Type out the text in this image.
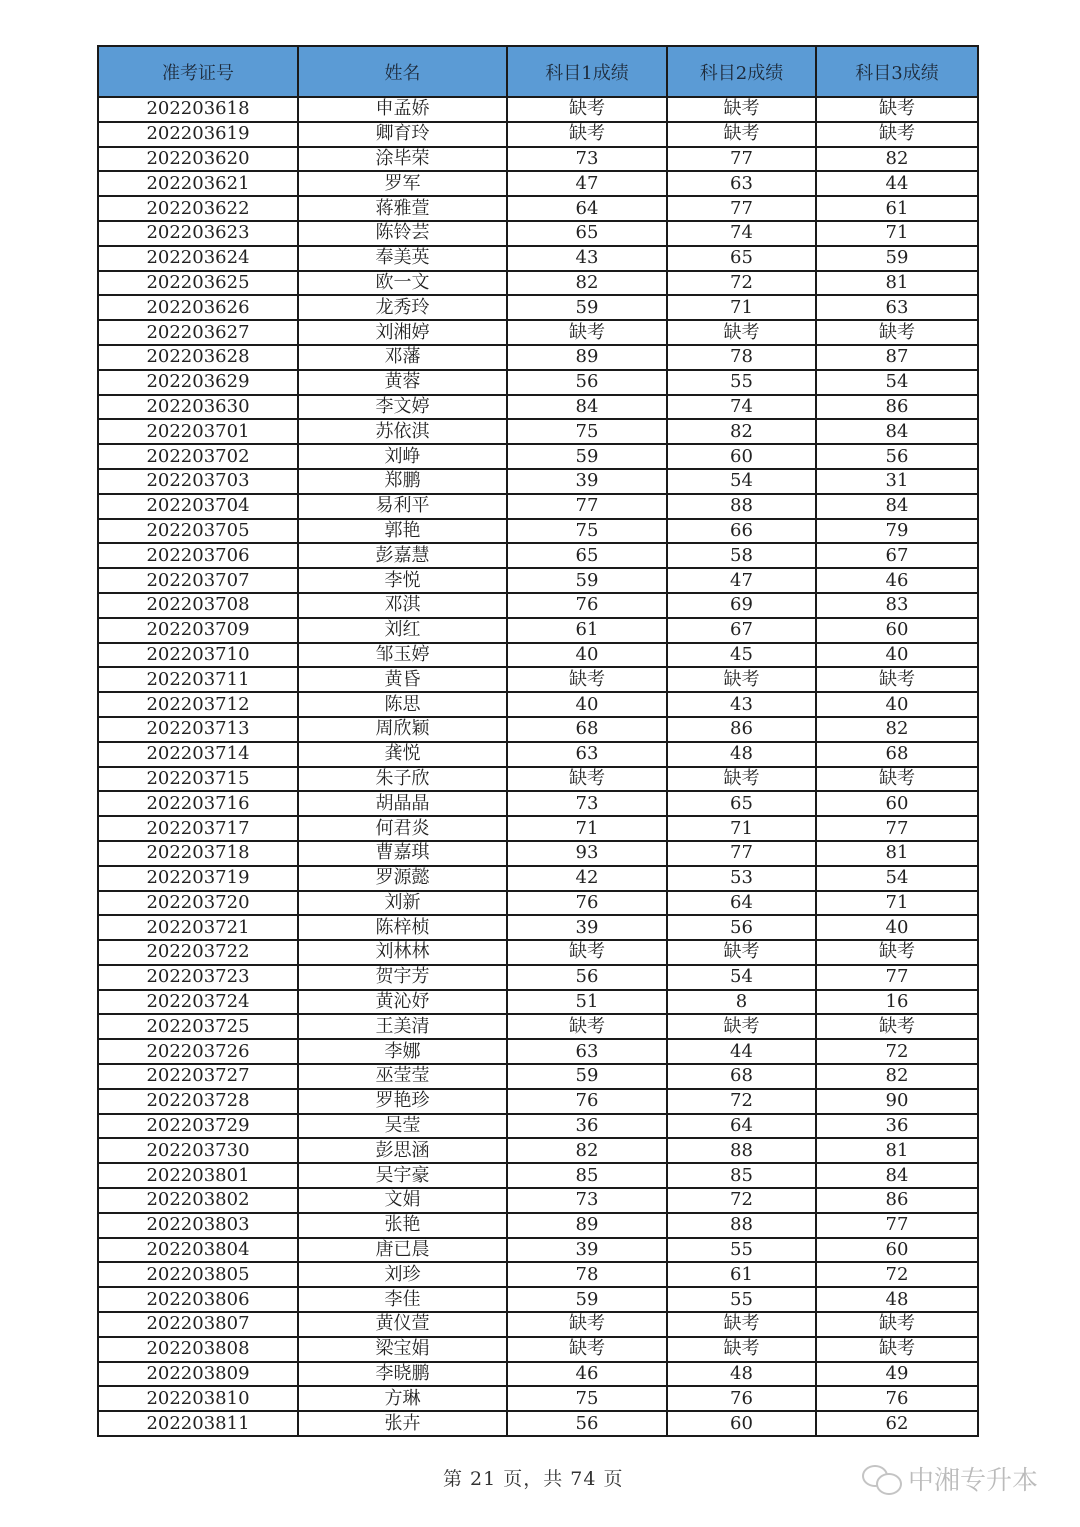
准考证号	姓名	科目1成绩	科目2成绩	科目3成绩
202203618	申孟娇	缺考	缺考	缺考
202203619	卿育玲	缺考	缺考	缺考
202203620	涂毕荣	73	77	82
202203621	罗军	47	63	44
202203622	蒋雅萱	64	77	61
202203623	陈铃芸	65	74	71
202203624	奉美英	43	65	59
202203625	欧一文	82	72	81
202203626	龙秀玲	59	71	63
202203627	刘湘婷	缺考	缺考	缺考
202203628	邓藩	89	78	87
202203629	黄蓉	56	55	54
202203630	李文婷	84	74	86
202203701	苏依淇	75	82	84
202203702	刘峥	59	60	56
202203703	郑鹏	39	54	31
202203704	易利平	77	88	84
202203705	郭艳	75	66	79
202203706	彭嘉慧	65	58	67
202203707	李悦	59	47	46
202203708	邓淇	76	69	83
202203709	刘红	61	67	60
202203710	邹玉婷	40	45	40
202203711	黄昏	缺考	缺考	缺考
202203712	陈思	40	43	40
202203713	周欣颖	68	86	82
202203714	龚悦	63	48	68
202203715	朱子欣	缺考	缺考	缺考
202203716	胡晶晶	73	65	60
202203717	何君炎	71	71	77
202203718	曹嘉琪	93	77	81
202203719	罗源懿	42	53	54
202203720	刘新	76	64	71
202203721	陈梓桢	39	56	40
202203722	刘林林	缺考	缺考	缺考
202203723	贺宇芳	56	54	77
202203724	黄沁妤	51	8	16
202203725	王美清	缺考	缺考	缺考
202203726	李娜	63	44	72
202203727	巫莹莹	59	68	82
202203728	罗艳珍	76	72	90
202203729	吴莹	36	64	36
202203730	彭思涵	82	88	81
202203801	吴宇豪	85	85	84
202203802	文娟	73	72	86
202203803	张艳	89	88	77
202203804	唐已晨	39	55	60
202203805	刘珍	78	61	72
202203806	李佳	59	55	48
202203807	黄仪萱	缺考	缺考	缺考
202203808	梁宝娟	缺考	缺考	缺考
202203809	李晓鹏	46	48	49
202203810	方琳	75	76	76
202203811	张卉	56	60	62
第 21 页，共 74 页	中湘专升本
